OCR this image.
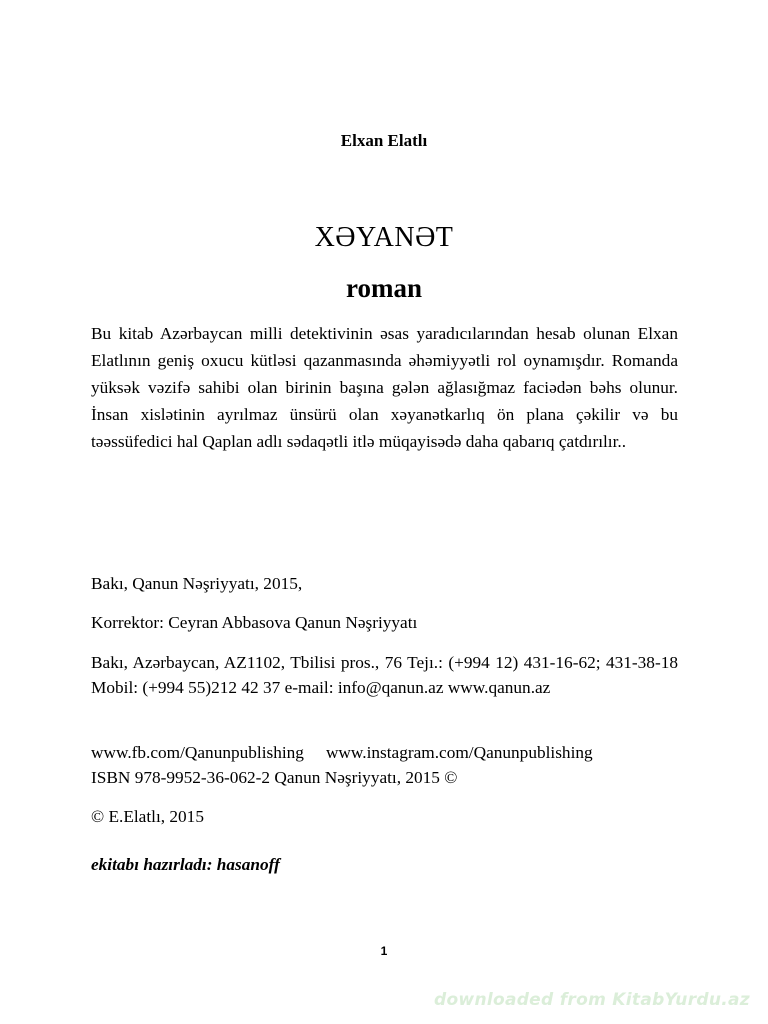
Elxan Elatlı
XƏYANƏT
roman

Bu kitab Azərbaycan milli detektivinin əsas yaradıcılarından hesab olunan Elxan Elatlının geniş oxucu kütləsi qazanmasında əhəmiyyətli rol oynamışdır. Romanda yüksək vəzifə sahibi olan birinin başına gələn ağlasığmaz faciədən bəhs olunur. İnsan xislətinin ayrılmaz ünsürü olan xəyanətkarlıq ön plana çəkilir və bu təəssüfedici hal Qaplan adlı sədaqətli itlə müqayisədə daha qabarıq çatdırılır..

Bakı, Qanun Nəşriyyatı, 2015,

Korrektor: Ceyran Abbasova Qanun Nəşriyyatı

Bakı, Azərbaycan, AZ1102, Tbilisi pros., 76 Tejı.: (+994 12) 431-16-62; 431-38-18 Mobil: (+994 55)212 42 37 e-mail: info@qanun.az www.qanun.az

www.fb.com/Qanunpublishing www.instagram.com/Qanunpublishing

ISBN 978-9952-36-062-2 Qanun Nəşriyyatı, 2015 ©

© E.Elatlı, 2015

ekitabı hazırladı: hasanoff

1
downloaded from KitabYurdu.az
